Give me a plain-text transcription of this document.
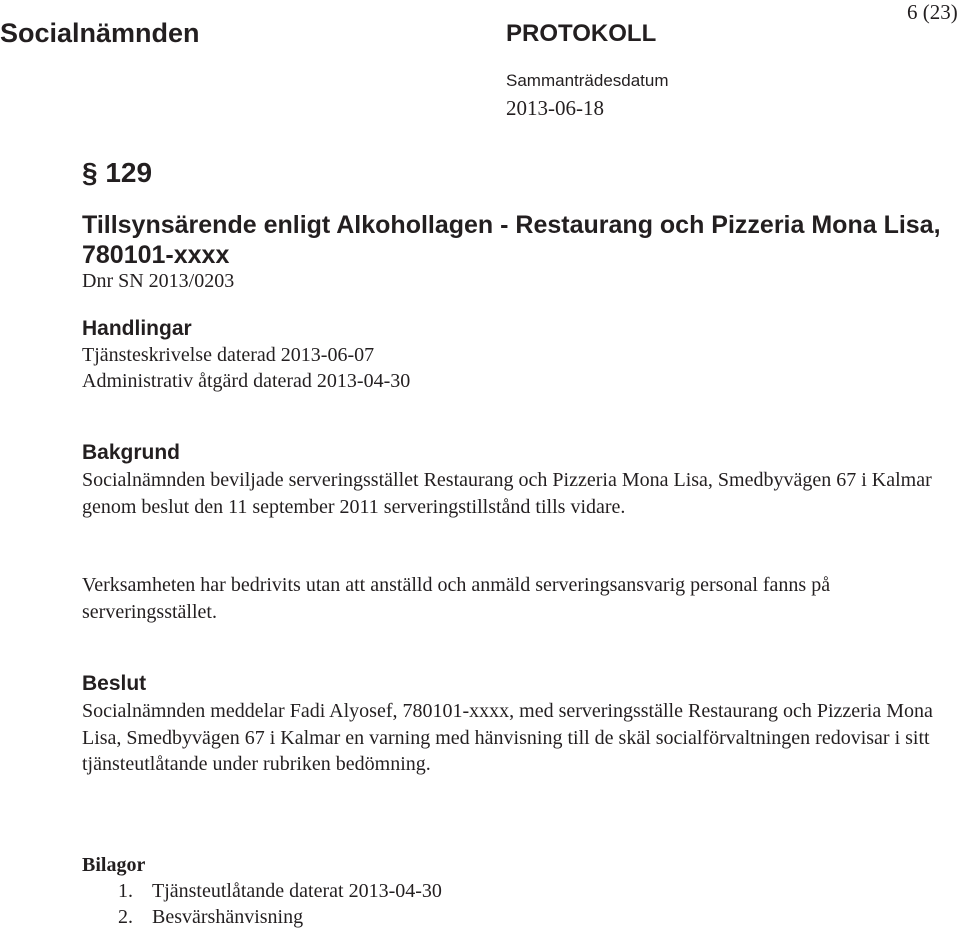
Socialnämnden	PROTOKOLL
6 (23)
Sammanträdesdatum
2013-06-18
§ 129
Tillsynsärende enligt Alkohollagen - Restaurang och Pizzeria Mona Lisa, 780101-xxxx
Dnr SN 2013/0203
Handlingar
Tjänsteskrivelse daterad 2013-06-07
Administrativ åtgärd daterad 2013-04-30
Bakgrund
Socialnämnden beviljade serveringsstället Restaurang och Pizzeria Mona Lisa, Smedbyvägen 67 i Kalmar genom beslut den 11 september 2011 serveringstillstånd tills vidare.
Verksamheten har bedrivits utan att anställd och anmäld serveringsansvarig personal fanns på serveringsstället.
Beslut
Socialnämnden meddelar Fadi Alyosef, 780101-xxxx, med serveringsställe Restaurang och Pizzeria Mona Lisa, Smedbyvägen 67 i Kalmar en varning med hänvisning till de skäl socialförvaltningen redovisar i sitt tjänsteutlåtande under rubriken bedömning.
Bilagor
1. Tjänsteutlåtande daterat 2013-04-30
2. Besvärshänvisning
